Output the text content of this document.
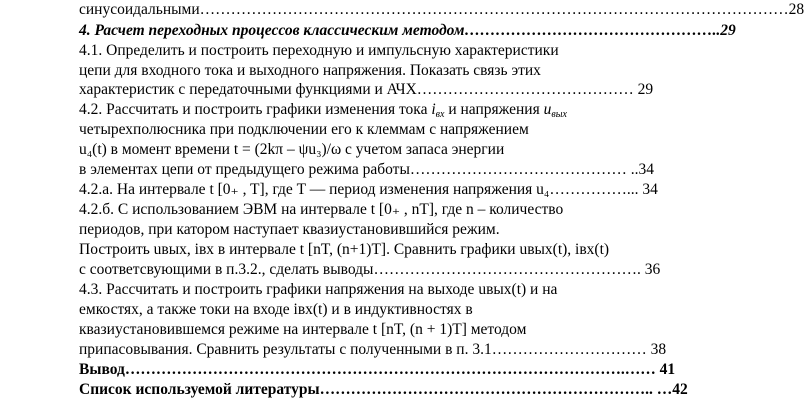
синусоидальными……………………………………………………………………………………………………28
4. Расчет переходных процессов классическим методом…………………………………………..29
4.1. Определить и построить переходную и импульсную характеристики
цепи для входного тока и выходного напряжения. Показать связь этих
характеристик с передаточными функциями и АЧХ…………………………………… 29
4.2. Рассчитать и построить графики изменения тока $i_{вх}$ и напряжения $u_{вых}$
четырехполюсника при подключении его к клеммам с напряжением
u₄(t) в момент времени t = (2kπ – ψu₃)/ω с учетом запаса энергии
в элементах цепи от предыдущего режима работы…………………………………… ..34
4.2.а. На интервале t [0₊ , T], где T — период изменения напряжения u₄……………... 34
4.2.б. С использованием ЭВМ на интервале t [0₊ , nT], где n – количество
периодов, при катором наступает квазиустановившийся режим.
Построить uвых, iвх в интервале t [nT, (n+1)T]. Сравнить графики uвых(t), iвх(t)
с соответсвующими в п.3.2., сделать выводы……………………………………………. 36
4.3. Рассчитать и построить графики напряжения на выходе uвых(t) и на
емкостях, а также токи на входе iвх(t) и в индуктивностях в
квазиустановившемся режиме на интервале t [nT, (n + 1)T] методом
припасовывания. Сравнить результаты с полученными в п. 3.1………………………… 38
Вывод…………………………………………………………………………………….…… 41
Список используемой литературы……………………………………………………….. …42
